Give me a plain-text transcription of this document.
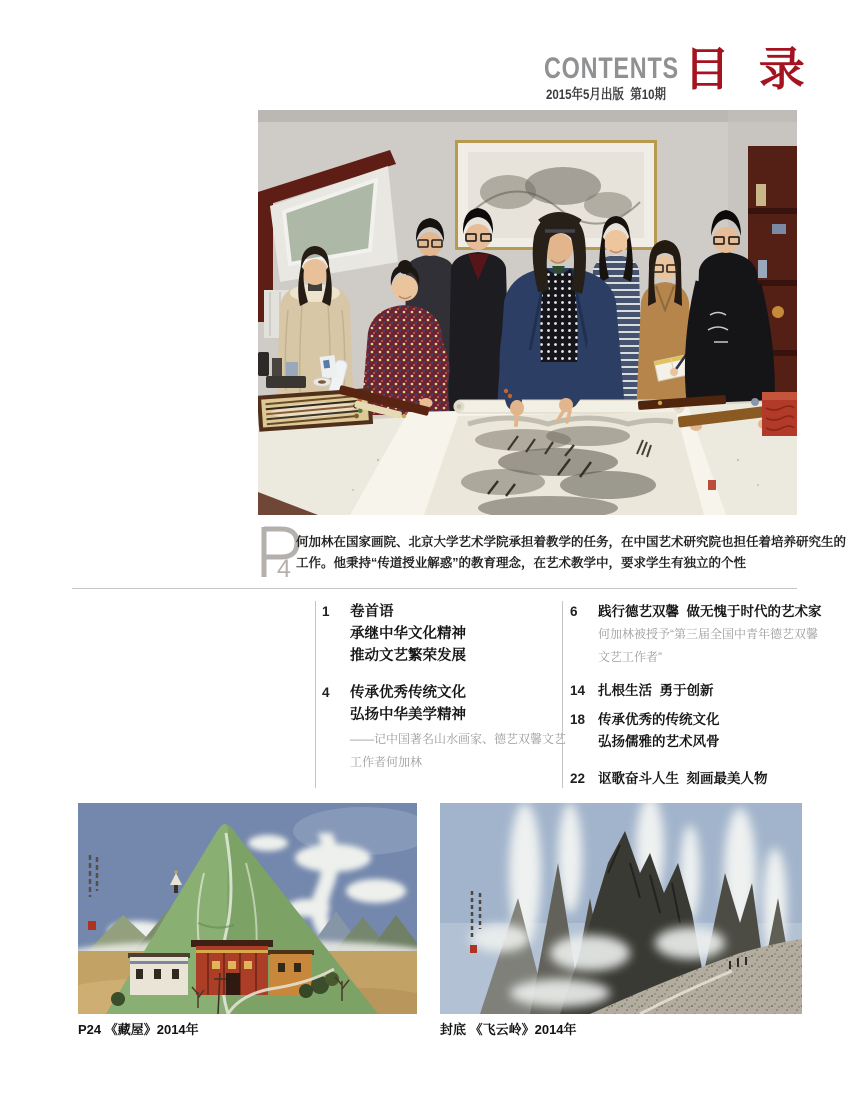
CONTENTS
2015年5月出版  第10期 目 录
4
何加林在国家画院、北京大学艺术学院承担着教学的任务，在中国艺术研究院也担任着培养研究生的
工作。他秉持“传道授业解惑”的教育理念，在艺术教学中，要求学生有独立的个性
1	卷首语
承继中华文化精神
推动文艺繁荣发展
4	传承优秀传统文化
弘扬中华美学精神
——记中国著名山水画家、德艺双馨文艺
工作者何加林
6	践行德艺双馨  做无愧于时代的艺术家
何加林被授予“第三届全国中青年德艺双馨
文艺工作者”
14 扎根生活  勇于创新
18 传承优秀的传统文化
弘扬儒雅的艺术风骨
22 讴歌奋斗人生  刻画最美人物
P24 《藏屋》2014年	封底 《飞云岭》2014年
